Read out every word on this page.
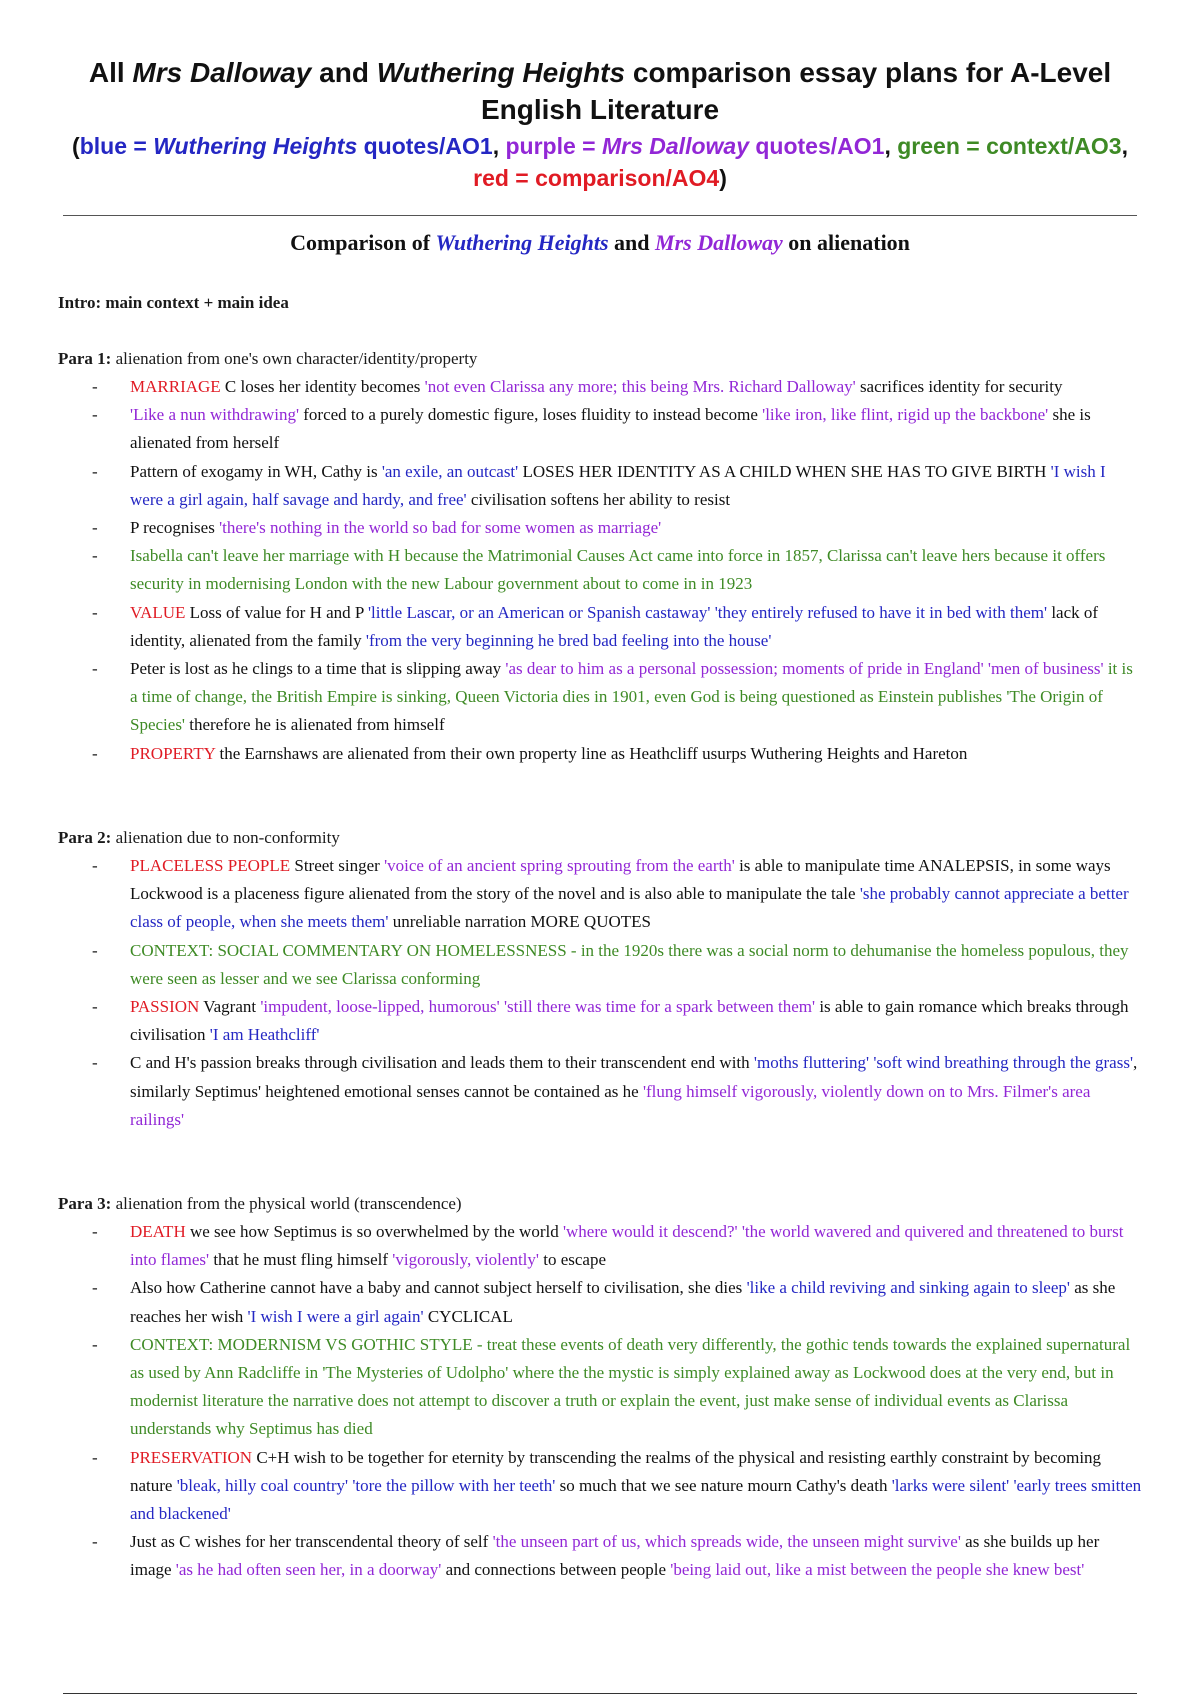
All Mrs Dalloway and Wuthering Heights comparison essay plans for A-Level English Literature

(blue = Wuthering Heights quotes/AO1, purple = Mrs Dalloway quotes/AO1, green = context/AO3, red = comparison/AO4)

Comparison of Wuthering Heights and Mrs Dalloway on alienation

Intro: main context + main idea

Para 1: alienation from one's own character/identity/property

- MARRIAGE C loses her identity becomes 'not even Clarissa any more; this being Mrs. Richard Dalloway' sacrifices identity for security
- 'Like a nun withdrawing' forced to a purely domestic figure, loses fluidity to instead become 'like iron, like flint, rigid up the backbone' she is alienated from herself
- Pattern of exogamy in WH, Cathy is 'an exile, an outcast' LOSES HER IDENTITY AS A CHILD WHEN SHE HAS TO GIVE BIRTH 'I wish I were a girl again, half savage and hardy, and free' civilisation softens her ability to resist
- P recognises 'there's nothing in the world so bad for some women as marriage'
- Isabella can't leave her marriage with H because the Matrimonial Causes Act came into force in 1857, Clarissa can't leave hers because it offers security in modernising London with the new Labour government about to come in in 1923
- VALUE Loss of value for H and P 'little Lascar, or an American or Spanish castaway' 'they entirely refused to have it in bed with them' lack of identity, alienated from the family 'from the very beginning he bred bad feeling into the house'
- Peter is lost as he clings to a time that is slipping away 'as dear to him as a personal possession; moments of pride in England' 'men of business' it is a time of change, the British Empire is sinking, Queen Victoria dies in 1901, even God is being questioned as Einstein publishes 'The Origin of Species' therefore he is alienated from himself
- PROPERTY the Earnshaws are alienated from their own property line as Heathcliff usurps Wuthering Heights and Hareton

Para 2: alienation due to non-conformity

- PLACELESS PEOPLE Street singer 'voice of an ancient spring sprouting from the earth' is able to manipulate time ANALEPSIS, in some ways Lockwood is a placeness figure alienated from the story of the novel and is also able to manipulate the tale 'she probably cannot appreciate a better class of people, when she meets them' unreliable narration MORE QUOTES
- CONTEXT: SOCIAL COMMENTARY ON HOMELESSNESS - in the 1920s there was a social norm to dehumanise the homeless populous, they were seen as lesser and we see Clarissa conforming
- PASSION Vagrant 'impudent, loose-lipped, humorous' 'still there was time for a spark between them' is able to gain romance which breaks through civilisation 'I am Heathcliff'
- C and H's passion breaks through civilisation and leads them to their transcendent end with 'moths fluttering' 'soft wind breathing through the grass', similarly Septimus' heightened emotional senses cannot be contained as he 'flung himself vigorously, violently down on to Mrs. Filmer's area railings'

Para 3: alienation from the physical world (transcendence)

- DEATH we see how Septimus is so overwhelmed by the world 'where would it descend?' 'the world wavered and quivered and threatened to burst into flames' that he must fling himself 'vigorously, violently' to escape
- Also how Catherine cannot have a baby and cannot subject herself to civilisation, she dies 'like a child reviving and sinking again to sleep' as she reaches her wish 'I wish I were a girl again' CYCLICAL
- CONTEXT: MODERNISM VS GOTHIC STYLE - treat these events of death very differently, the gothic tends towards the explained supernatural as used by Ann Radcliffe in 'The Mysteries of Udolpho' where the the mystic is simply explained away as Lockwood does at the very end, but in modernist literature the narrative does not attempt to discover a truth or explain the event, just make sense of individual events as Clarissa understands why Septimus has died
- PRESERVATION C+H wish to be together for eternity by transcending the realms of the physical and resisting earthly constraint by becoming nature 'bleak, hilly coal country' 'tore the pillow with her teeth' so much that we see nature mourn Cathy's death 'larks were silent' 'early trees smitten and blackened'
- Just as C wishes for her transcendental theory of self 'the unseen part of us, which spreads wide, the unseen might survive' as she builds up her image 'as he had often seen her, in a doorway' and connections between people 'being laid out, like a mist between the people she knew best'
